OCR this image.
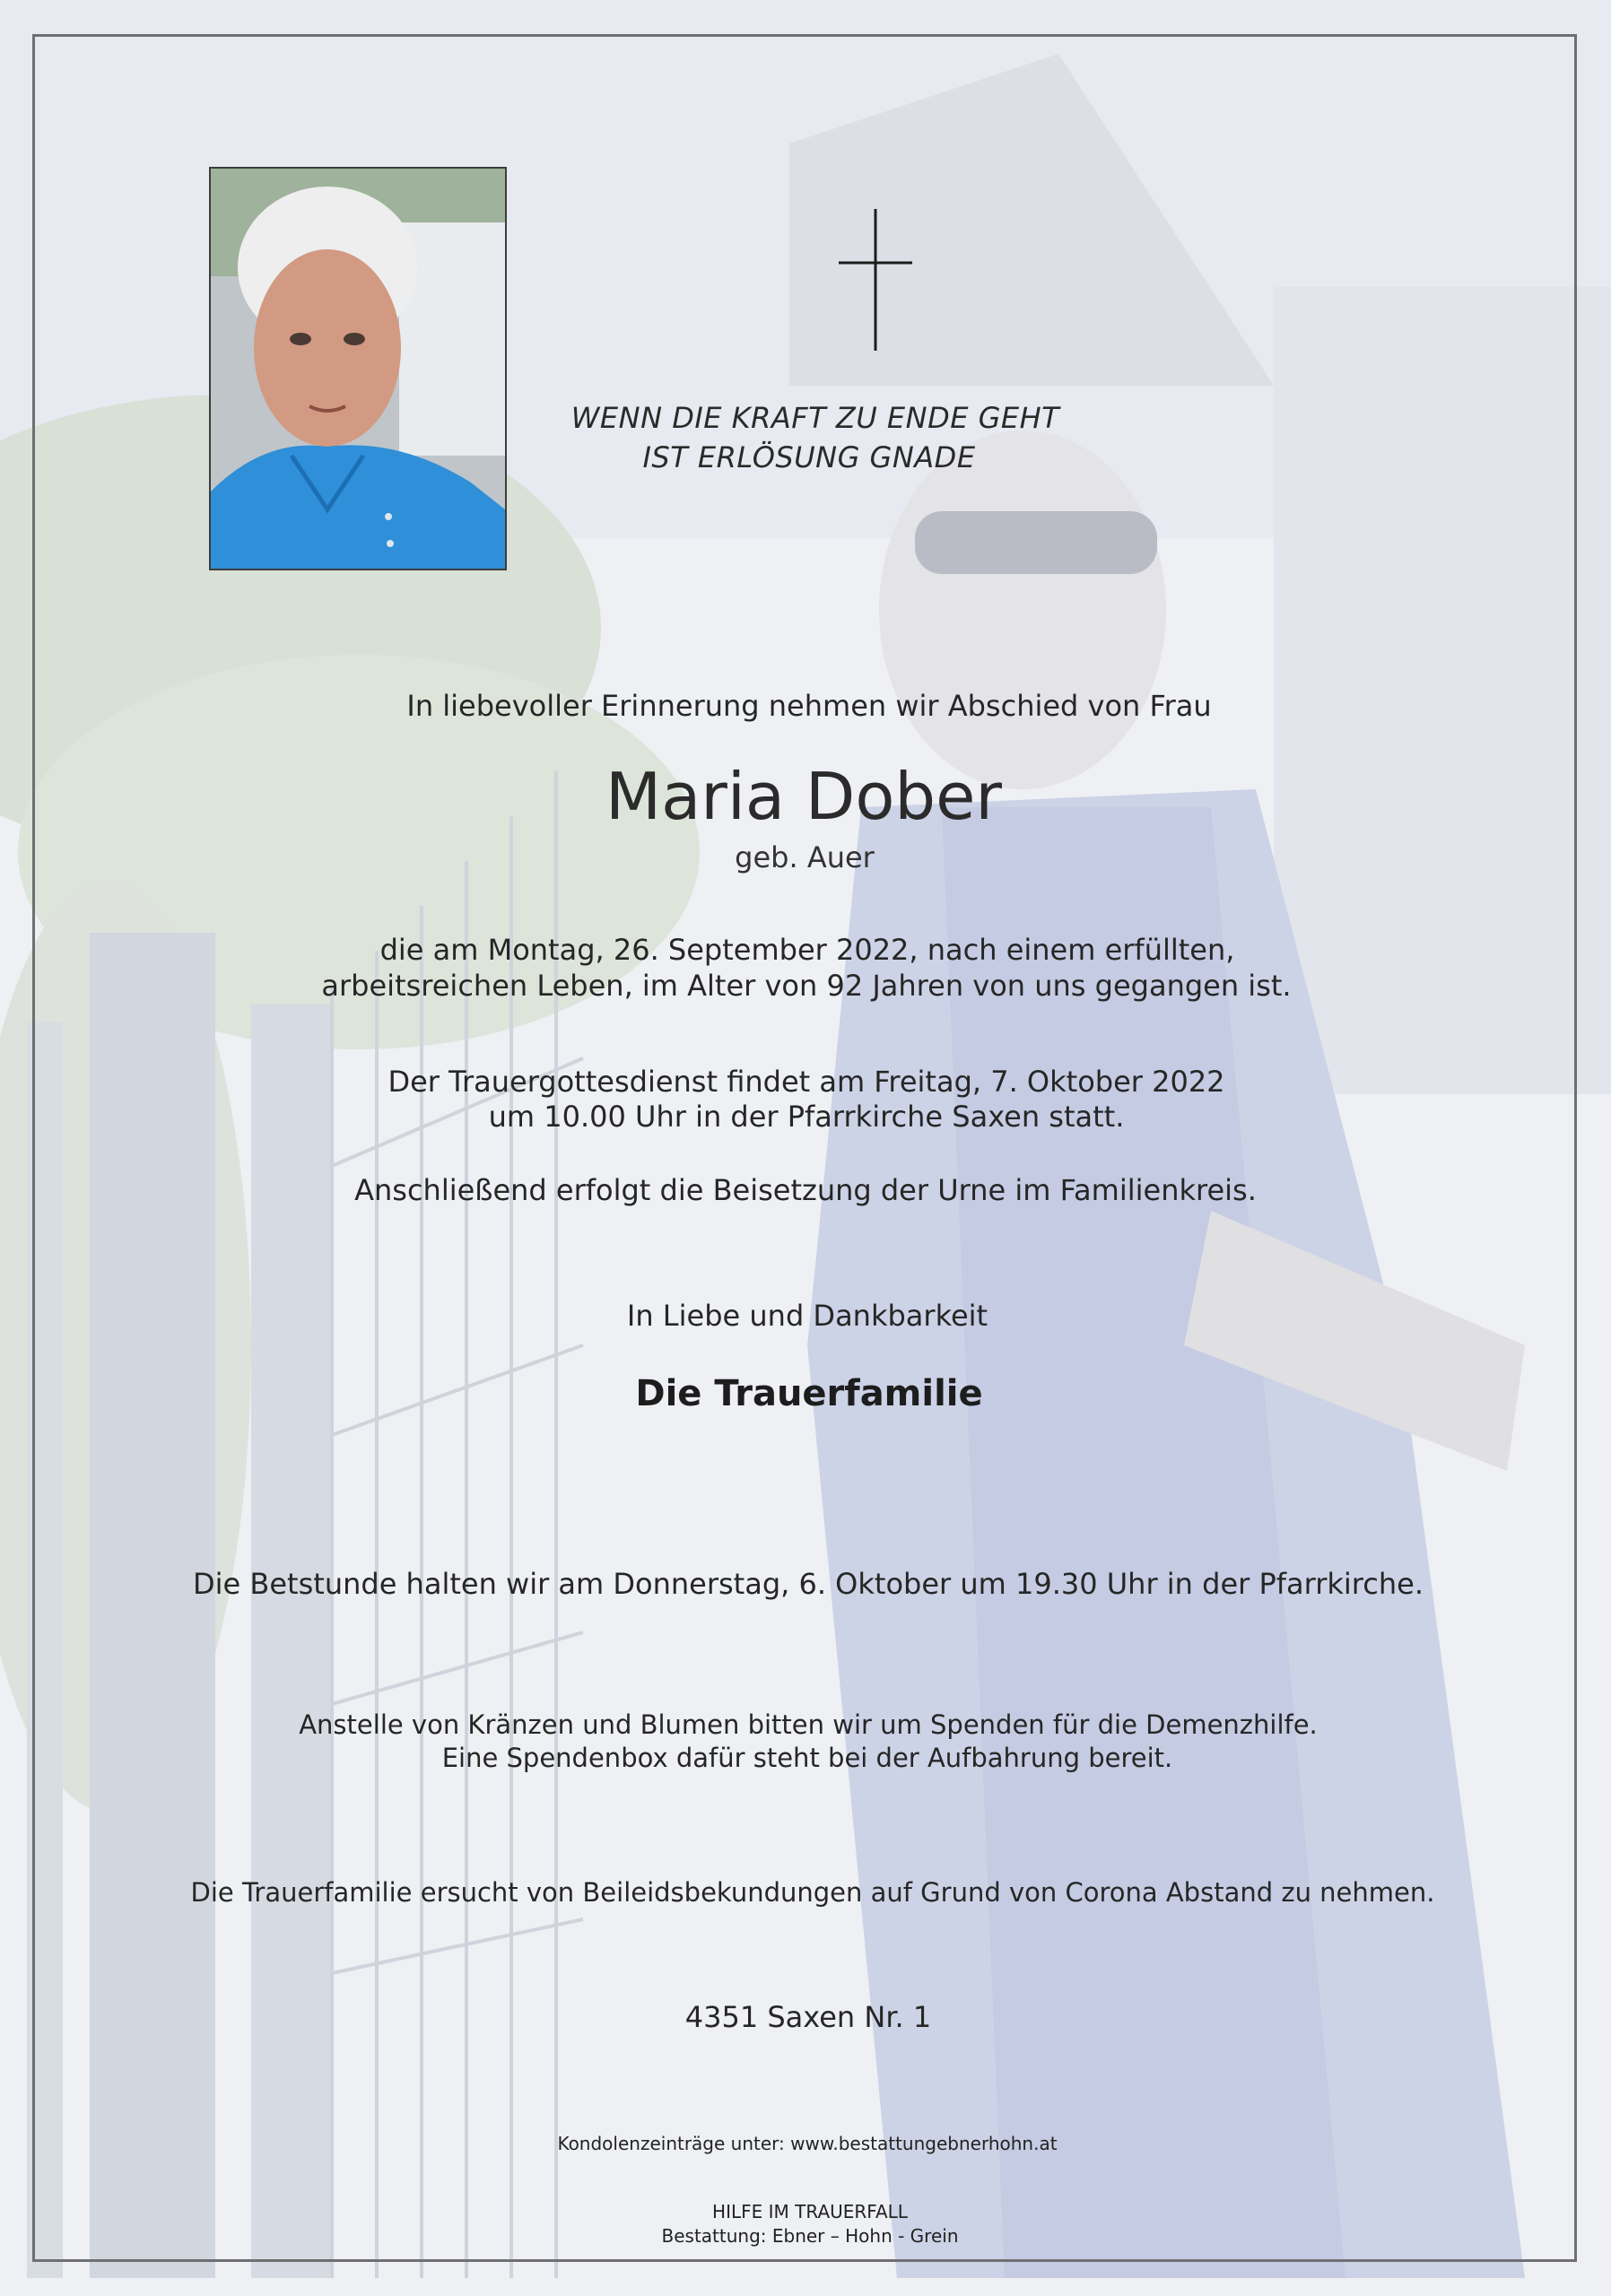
WENN DIE KRAFT ZU ENDE GEHT
IST ERLÖSUNG GNADE
In liebevoller Erinnerung nehmen wir Abschied von Frau
Maria Dober
geb. Auer
die am Montag, 26. September 2022, nach einem erfüllten,
arbeitsreichen Leben, im Alter von 92 Jahren von uns gegangen ist.
Der Trauergottesdienst findet am Freitag, 7. Oktober 2022
um 10.00 Uhr in der Pfarrkirche Saxen statt.
Anschließend erfolgt die Beisetzung der Urne im Familienkreis.
In Liebe und Dankbarkeit
Die Trauerfamilie
Die Betstunde halten wir am Donnerstag, 6. Oktober um 19.30 Uhr in der Pfarrkirche.
Anstelle von Kränzen und Blumen bitten wir um Spenden für die Demenzhilfe.
Eine Spendenbox dafür steht bei der Aufbahrung bereit.
Die Trauerfamilie ersucht von Beileidsbekundungen auf Grund von Corona Abstand zu nehmen.
4351 Saxen Nr. 1
Kondolenzeinträge unter: www.bestattungebnerhohn.at
HILFE IM TRAUERFALL
Bestattung: Ebner – Hohn - Grein
